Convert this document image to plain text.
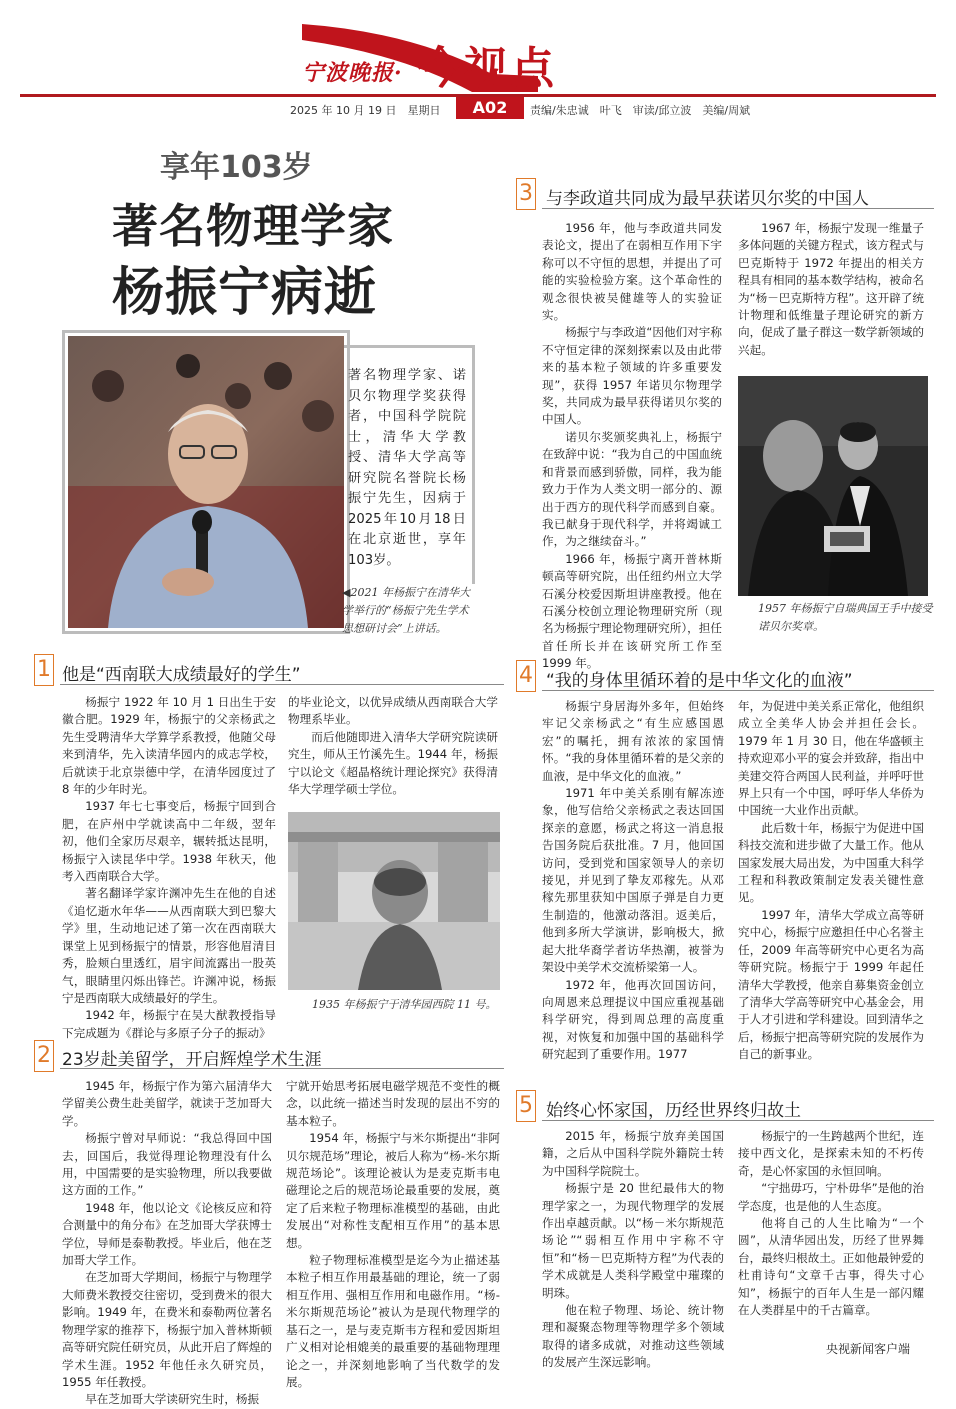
宁波晚报· 今视点
2025 年 10 月 19 日　星期日	A02	责编/朱忠诚　叶飞　审读/邱立波　美编/周斌
享年103岁
著名物理学家
杨振宁病逝
◀2021 年杨振宁在清华大学举行的“杨振宁先生学术思想研讨会”上讲话。
著名物理学家、诺贝尔物理学奖获得者，中国科学院院士，清华大学教授、清华大学高等研究院名誉院长杨振宁先生，因病于2025年10月18日在北京逝世，享年103岁。
1 他是“西南联大成绩最好的学生”

杨振宁 1922 年 10 月 1 日出生于安徽合肥。1929 年，杨振宁的父亲杨武之先生受聘清华大学算学系教授，他随父母来到清华，先入读清华园内的成志学校，后就读于北京崇德中学，在清华园度过了 8 年的少年时光。

1937 年七七事变后，杨振宁回到合肥，在庐州中学就读高中二年级，翌年初，他们全家历尽艰辛，辗转抵达昆明，杨振宁入读昆华中学。1938 年秋天，他考入西南联合大学。

著名翻译学家许渊冲先生在他的自述《追忆逝水年华——从西南联大到巴黎大学》里，生动地记述了第一次在西南联大课堂上见到杨振宁的情景，形容他眉清目秀，脸颊白里透红，眉宇间流露出一股英气，眼睛里闪烁出锋芒。许渊冲说，杨振宁是西南联大成绩最好的学生。

1942 年，杨振宁在吴大猷教授指导下完成题为《群论与多原子分子的振动》

的毕业论文，以优异成绩从西南联合大学物理系毕业。

而后他随即进入清华大学研究院读研究生，师从王竹溪先生。1944 年，杨振宁以论文《超晶格统计理论探究》获得清华大学理学硕士学位。

1935 年杨振宁于清华园西院 11 号。
2 23岁赴美留学，开启辉煌学术生涯

1945 年，杨振宁作为第六届清华大学留美公费生赴美留学，就读于芝加哥大学。

杨振宁曾对早师说：“我总得回中国去，回国后，我觉得理论物理没有什么用，中国需要的是实验物理，所以我要做这方面的工作。”

1948 年，他以论文《论核反应和符合测量中的角分布》在芝加哥大学获博士学位，导师是泰勒教授。毕业后，他在芝加哥大学工作。

在芝加哥大学期间，杨振宁与物理学大师费米教授交往密切，受到费米的很大影响。1949 年，在费米和泰勒两位著名物理学家的推荐下，杨振宁加入普林斯顿高等研究院任研究员，从此开启了辉煌的学术生涯。1952 年他任永久研究员，1955 年任教授。

早在芝加哥大学读研究生时，杨振

宁就开始思考拓展电磁学规范不变性的概念，以此统一描述当时发现的层出不穷的基本粒子。

1954 年，杨振宁与米尔斯提出“非阿贝尔规范场”理论，被后人称为“杨-米尔斯规范场论”。该理论被认为是麦克斯韦电磁理论之后的规范场论最重要的发展，奠定了后来粒子物理标准模型的基础，由此发展出“对称性支配相互作用”的基本思想。

粒子物理标准模型是迄今为止描述基本粒子相互作用最基础的理论，统一了弱相互作用、强相互作用和电磁作用。“杨-米尔斯规范场论”被认为是现代物理学的基石之一，是与麦克斯韦方程和爱因斯坦广义相对论相媲美的最重要的基础物理理论之一，并深刻地影响了当代数学的发展。

3 与李政道共同成为最早获诺贝尔奖的中国人

1956 年，他与李政道共同发表论文，提出了在弱相互作用下宇称可以不守恒的思想，并提出了可能的实验检验方案。这个革命性的观念很快被吴健雄等人的实验证实。

杨振宁与李政道“因他们对宇称不守恒定律的深刻探索以及由此带来的基本粒子领域的许多重要发现”，获得 1957 年诺贝尔物理学奖，共同成为最早获得诺贝尔奖的中国人。

诺贝尔奖颁奖典礼上，杨振宁在致辞中说：“我为自己的中国血统和背景而感到骄傲，同样，我为能致力于作为人类文明一部分的、源出于西方的现代科学而感到自豪。我已献身于现代科学，并将竭诚工作，为之继续奋斗。”

1966 年，杨振宁离开普林斯顿高等研究院，出任纽约州立大学石溪分校爱因斯坦讲座教授。他在石溪分校创立理论物理研究所（现名为杨振宁理论物理研究所），担任首任所长并在该研究所工作至 1999 年。

1967 年，杨振宁发现一维量子多体问题的关键方程式，该方程式与巴克斯特于 1972 年提出的相关方程具有相同的基本数学结构，被命名为“杨－巴克斯特方程”。这开辟了统计物理和低维量子理论研究的新方向，促成了量子群这一数学新领域的兴起。

1957 年杨振宁自瑞典国王手中接受诺贝尔奖章。
4 “我的身体里循环着的是中华文化的血液”

杨振宁身居海外多年，但始终牢记父亲杨武之“有生应感国恩宏”的嘱托，拥有浓浓的家国情怀。“我的身体里循环着的是父亲的血液，是中华文化的血液。”

1971 年中美关系刚有解冻迹象，他写信给父亲杨武之表达回国探亲的意愿，杨武之将这一消息报告国务院后获批准。7 月，他回国访问，受到党和国家领导人的亲切接见，并见到了挚友邓稼先。从邓稼先那里获知中国原子弹是自力更生制造的，他激动落泪。返美后，他到多所大学演讲，影响极大，掀起大批华裔学者访华热潮，被誉为架设中美学术交流桥梁第一人。

1972 年，他再次回国访问，向周恩来总理提议中国应重视基础科学研究，得到周总理的高度重视，对恢复和加强中国的基础科学研究起到了重要作用。1977

年，为促进中美关系正常化，他组织成立全美华人协会并担任会长。1979 年 1 月 30 日，他在华盛顿主持欢迎邓小平的宴会并致辞，指出中美建交符合两国人民利益，并呼吁世界上只有一个中国，呼吁华人华侨为中国统一大业作出贡献。

此后数十年，杨振宁为促进中国科技交流和进步做了大量工作。他从国家发展大局出发，为中国重大科学工程和科教政策制定发表关键性意见。

1997 年，清华大学成立高等研究中心，杨振宁应邀担任中心名誉主任，2009 年高等研究中心更名为高等研究院。杨振宁于 1999 年起任清华大学教授，他亲自募集资金创立了清华大学高等研究中心基金会，用于人才引进和学科建设。回到清华之后，杨振宁把高等研究院的发展作为自己的新事业。

5 始终心怀家国，历经世界终归故土

2015 年，杨振宁放弃美国国籍，之后从中国科学院外籍院士转为中国科学院院士。

杨振宁是 20 世纪最伟大的物理学家之一，为现代物理学的发展作出卓越贡献。以“杨－米尔斯规范场论”“弱相互作用中宇称不守恒”和“杨－巴克斯特方程”为代表的学术成就是人类科学殿堂中璀璨的明珠。

他在粒子物理、场论、统计物理和凝聚态物理等物理学多个领域取得的诸多成就，对推动这些领域的发展产生深远影响。

杨振宁的一生跨越两个世纪，连接中西文化，是探索未知的不朽传奇，是心怀家国的永恒回响。

“宁拙毋巧，宁朴毋华”是他的治学态度，也是他的人生态度。

他将自己的人生比喻为“一个圆”，从清华园出发，历经了世界舞台，最终归根故土。正如他最钟爱的杜甫诗句“文章千古事，得失寸心知”，杨振宁的百年人生是一部闪耀在人类群星中的千古篇章。

央视新闻客户端
